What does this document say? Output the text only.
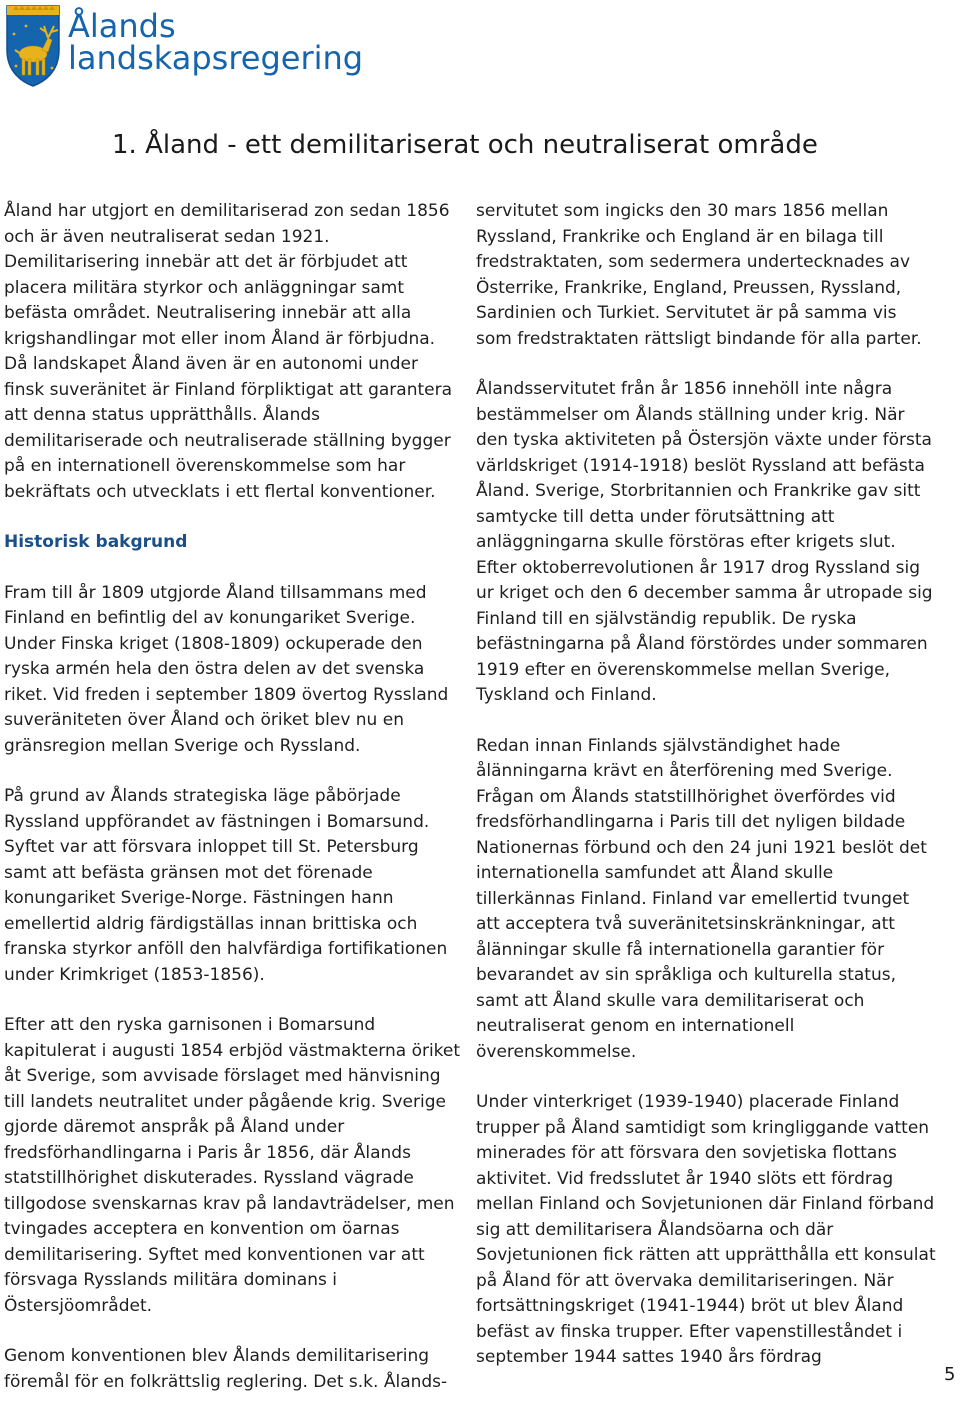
Ålands
landskapsregering
1. Åland - ett demilitariserat och neutraliserat område

Åland har utgjort en demilitariserad zon sedan 1856 och är även neutraliserat sedan 1921. Demilitarisering innebär att det är förbjudet att placera militära styrkor och anläggningar samt befästa området. Neutralisering innebär att alla krigshandlingar mot eller inom Åland är förbjudna. Då landskapet Åland även är en autonomi under finsk suveränitet är Finland förpliktigat att garantera att denna status upprätthålls. Ålands demilitariserade och neutraliserade ställning bygger på en internationell överenskommelse som har bekräftats och utvecklats i ett flertal konventioner.

Historisk bakgrund

Fram till år 1809 utgjorde Åland tillsammans med Finland en befintlig del av konungariket Sverige. Under Finska kriget (1808-1809) ockuperade den ryska armén hela den östra delen av det svenska riket. Vid freden i september 1809 övertog Ryssland suveräniteten över Åland och öriket blev nu en gränsregion mellan Sverige och Ryssland.

På grund av Ålands strategiska läge påbörjade Ryssland uppförandet av fästningen i Bomarsund. Syftet var att försvara inloppet till St. Petersburg samt att befästa gränsen mot det förenade konungariket Sverige-Norge. Fästningen hann emellertid aldrig färdigställas innan brittiska och franska styrkor anföll den halvfärdiga fortifikationen under Krimkriget (1853-1856).

Efter att den ryska garnisonen i Bomarsund kapitulerat i augusti 1854 erbjöd västmakterna öriket åt Sverige, som avvisade förslaget med hänvisning till landets neutralitet under pågående krig. Sverige gjorde däremot anspråk på Åland under fredsförhandlingarna i Paris år 1856, där Ålands statstillhörighet diskuterades. Ryssland vägrade tillgodose svenskarnas krav på landavträdelser, men tvingades acceptera en konvention om öarnas demilitarisering. Syftet med konventionen var att försvaga Rysslands militära dominans i Östersjöområdet.

Genom konventionen blev Ålands demilitarisering föremål för en folkrättslig reglering. Det s.k. Ålands-

servitutet som ingicks den 30 mars 1856 mellan Ryssland, Frankrike och England är en bilaga till fredstraktaten, som sedermera undertecknades av Österrike, Frankrike, England, Preussen, Ryssland, Sardinien och Turkiet. Servitutet är på samma vis som fredstraktaten rättsligt bindande för alla parter.

Ålandsservitutet från år 1856 innehöll inte några bestämmelser om Ålands ställning under krig. När den tyska aktiviteten på Östersjön växte under första världskriget (1914-1918) beslöt Ryssland att befästa Åland. Sverige, Storbritannien och Frankrike gav sitt samtycke till detta under förutsättning att anläggningarna skulle förstöras efter krigets slut. Efter oktoberrevolutionen år 1917 drog Ryssland sig ur kriget och den 6 december samma år utropade sig Finland till en självständig republik. De ryska befästningarna på Åland förstördes under sommaren 1919 efter en överenskommelse mellan Sverige, Tyskland och Finland.

Redan innan Finlands självständighet hade ålänningarna krävt en återförening med Sverige. Frågan om Ålands statstillhörighet överfördes vid fredsförhandlingarna i Paris till det nyligen bildade Nationernas förbund och den 24 juni 1921 beslöt det internationella samfundet att Åland skulle tillerkännas Finland. Finland var emellertid tvunget att acceptera två suveränitetsinskränkningar, att ålänningar skulle få internationella garantier för bevarandet av sin språkliga och kulturella status, samt att Åland skulle vara demilitariserat och neutraliserat genom en internationell överenskommelse.

Under vinterkriget (1939-1940) placerade Finland trupper på Åland samtidigt som kringliggande vatten minerades för att försvara den sovjetiska flottans aktivitet. Vid fredsslutet år 1940 slöts ett fördrag mellan Finland och Sovjetunionen där Finland förband sig att demilitarisera Ålandsöarna och där Sovjetunionen fick rätten att upprätthålla ett konsulat på Åland för att övervaka demilitariseringen. När fortsättningskriget (1941-1944) bröt ut blev Åland befäst av finska trupper. Efter vapenstilleståndet i september 1944 sattes 1940 års fördrag

5
